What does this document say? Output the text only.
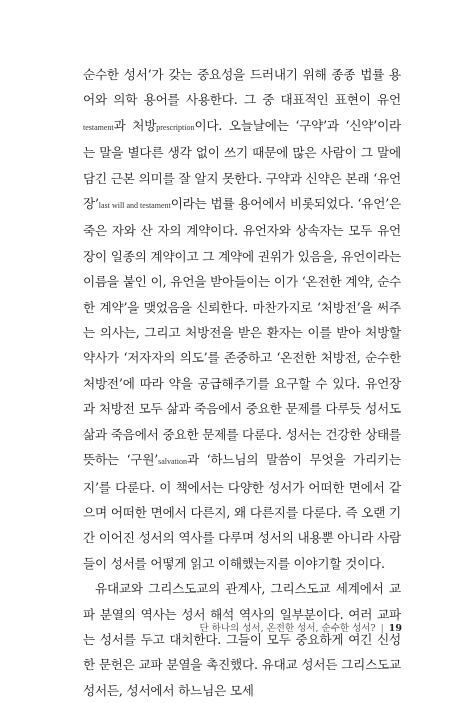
순수한 성서’가 갖는 중요성을 드러내기 위해 종종 법률 용어와 의학 용어를 사용한다. 그 중 대표적인 표현이 유언testament과 처방prescription이다. 오늘날에는 ‘구약’과 ‘신약’이라는 말을 별다른 생각 없이 쓰기 때문에 많은 사람이 그 말에 담긴 근본 의미를 잘 알지 못한다. 구약과 신약은 본래 ‘유언장’last will and testament이라는 법률 용어에서 비롯되었다. ‘유언’은 죽은 자와 산 자의 계약이다. 유언자와 상속자는 모두 유언장이 일종의 계약이고 그 계약에 권위가 있음을, 유언이라는 이름을 붙인 이, 유언을 받아들이는 이가 ‘온전한 계약, 순수한 계약’을 맺었음을 신뢰한다. 마찬가지로 ‘처방전’을 써주는 의사는, 그리고 처방전을 받은 환자는 이를 받아 처방할 약사가 ‘저자자의 의도’를 존중하고 ‘온전한 처방전, 순수한 처방전’에 따라 약을 공급해주기를 요구할 수 있다. 유언장과 처방전 모두 삶과 죽음에서 중요한 문제를 다루듯 성서도 삶과 죽음에서 중요한 문제를 다룬다. 성서는 건강한 상태를 뜻하는 ‘구원’salvation과 ‘하느님의 말씀이 무엇을 가리키는지’를 다룬다. 이 책에서는 다양한 성서가 어떠한 면에서 같으며 어떠한 면에서 다른지, 왜 다른지를 다룬다. 즉 오랜 기간 이어진 성서의 역사를 다루며 성서의 내용뿐 아니라 사람들이 성서를 어떻게 읽고 이해했는지를 이야기할 것이다.

유대교와 그리스도교의 관계사, 그리스도교 세계에서 교파 분열의 역사는 성서 해석 역사의 일부분이다. 여러 교파는 성서를 두고 대치한다. 그들이 모두 중요하게 여긴 신성한 문헌은 교파 분열을 촉진했다. 유대교 성서든 그리스도교 성서든, 성서에서 하느님은 모세

단 하나의 성서, 온전한 성서, 순수한 성서? | 19
